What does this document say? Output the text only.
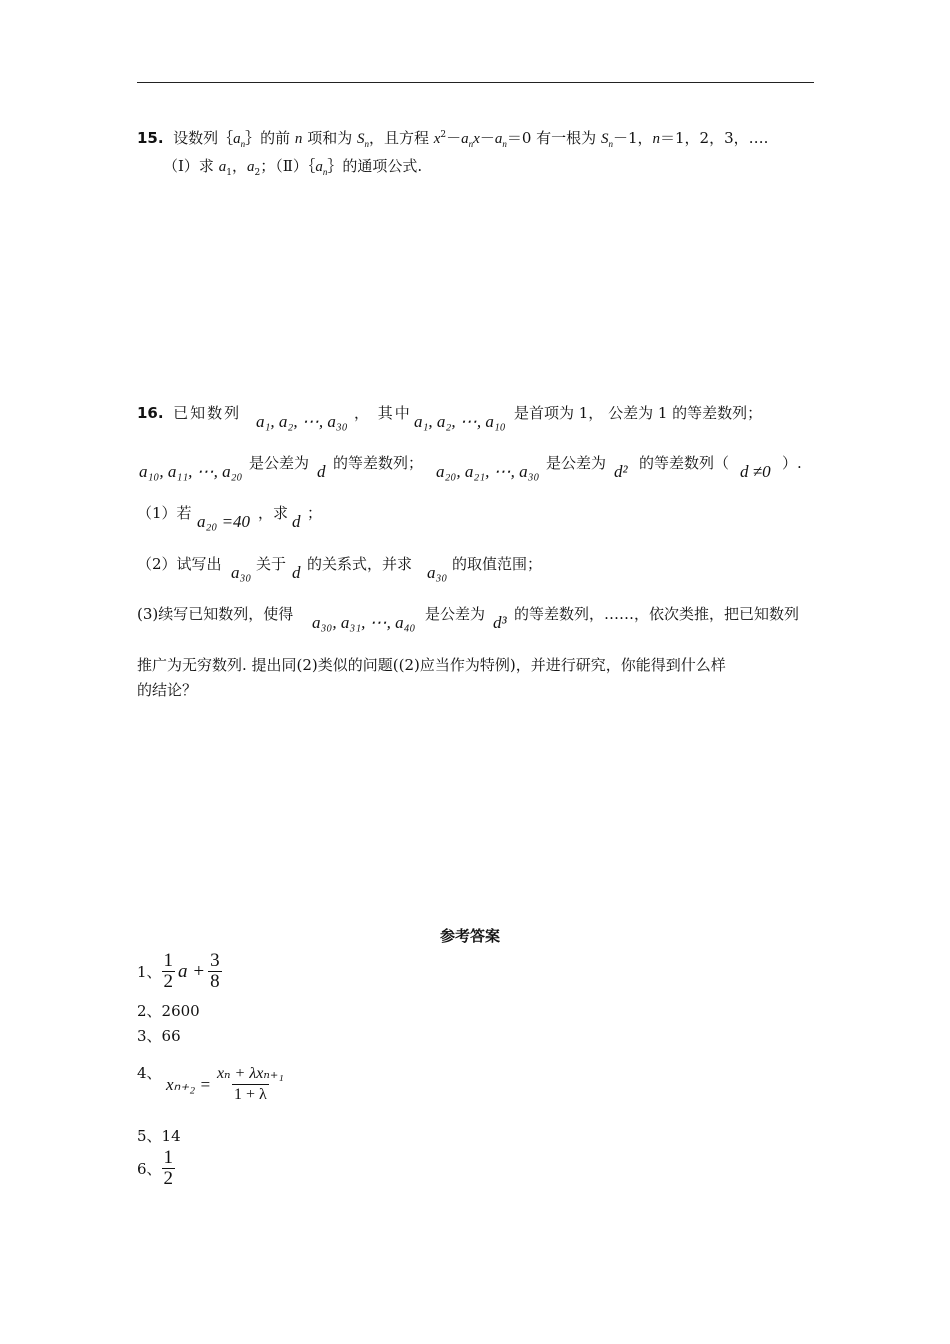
15. 设数列$\{a_n\}$的前 n 项和为 $S_n$，且方程 $x^2-a_nx-a_n=0$ 有一根为 $S_n-1$，n＝1，2，3，….
（Ⅰ）求 $a_1$，$a_2$；$(Ⅱ)\{a_n\}$的通项公式.
16. 已知数列 a₁, a₂, ⋯, a₃₀ ， 其中 a₁, a₂, ⋯, a₁₀ 是首项为 1， 公差为 1 的等差数列；
a₁₀, a₁₁, ⋯, a₂₀ 是公差为 d 的等差数列； a₂₀, a₂₁, ⋯, a₃₀ 是公差为 d² 的等差数列（ d ≠0 ）.
（1）若 a₂₀ =40 ，求 d ；
（2）试写出 a₃₀ 关于 d 的关系式，并求 a₃₀ 的取值范围；
(3)续写已知数列，使得 a₃₀, a₃₁, ⋯, a₄₀ 是公差为 d³ 的等差数列，……，依次类推，把已知数列
推广为无穷数列. 提出同(2)类似的问题((2)应当作为特例)，并进行研究，你能得到什么样
的结论？
参考答案
1、 $\frac{1}{2}$ $a + \frac{3}{8}$
2、2600
3、66
4、
$x_{n+2} = \frac{\text{xₙ + λxₙ₊₁}}{1 + \lambda}$
5、14
6、 $\frac{1}{2}$
